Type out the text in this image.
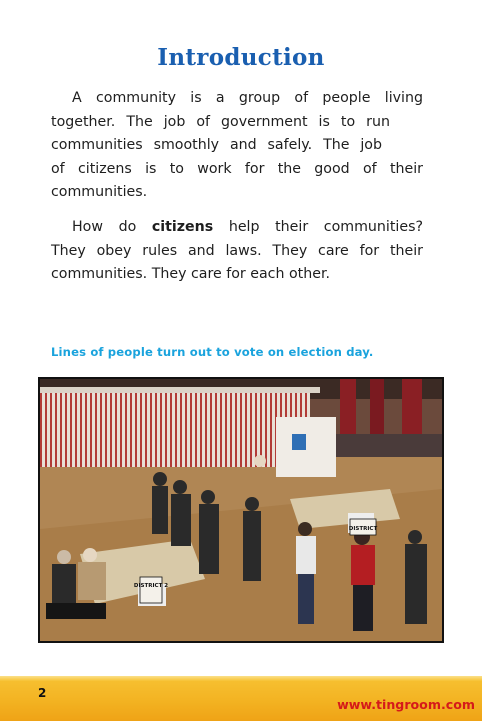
Introduction
A community is a group of people living
together. The job of government is to run
communities smoothly and safely. The job
of citizens is to work for the good of their
communities.
How do citizens help their communities?
They obey rules and laws. They care for their
communities. They care for each other.
Lines of people turn out to vote on election day.
DISTRICT 2
DISTRICT
2
www.tingroom.com
